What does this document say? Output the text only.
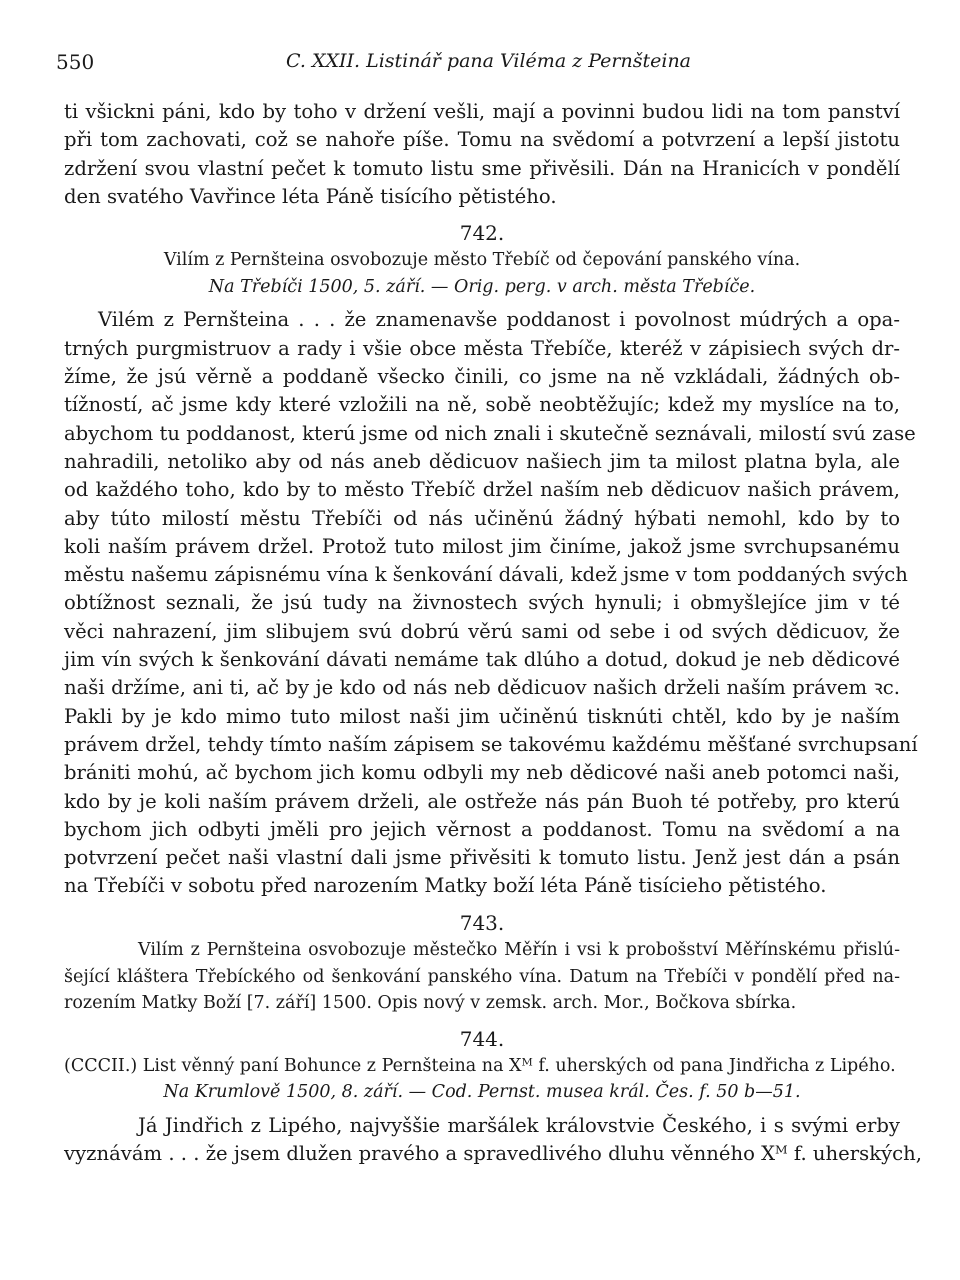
550	C. XXII. Listinář pana Viléma z Pernšteina
ti všickni páni, kdo by toho v držení vešli, mají a povinni budou lidi na tom panství
při tom zachovati, což se nahoře píše. Tomu na svědomí a potvrzení a lepší jistotu
zdržení svou vlastní pečet k tomuto listu sme přivěsili. Dán na Hranicích v pondělí
den svatého Vavřince léta Páně tisícího pětistého.
742.
Vilím z Pernšteina osvobozuje město Třebíč od čepování panského vína.
Na Třebíči 1500, 5. září. — Orig. perg. v arch. města Třebíče.
Vilém z Pernšteina . . . že znamenavše poddanost i povolnost múdrých a opa-
trných purgmistruov a rady i všie obce města Třebíče, kteréž v zápisiech svých dr-
žíme, že jsú věrně a poddaně všecko činili, co jsme na ně vzkládali, žádných ob-
tížností, ač jsme kdy které vzložili na ně, sobě neobtěžujíc; kdež my myslíce na to,
abychom tu poddanost, kterú jsme od nich znali i skutečně seznávali, milostí svú zase
nahradili, netoliko aby od nás aneb dědicuov našiech jim ta milost platna byla, ale
od každého toho, kdo by to město Třebíč držel naším neb dědicuov našich právem,
aby túto milostí městu Třebíči od nás učiněnú žádný hýbati nemohl, kdo by to
koli naším právem držel. Protož tuto milost jim činíme, jakož jsme svrchupsanému
městu našemu zápisnému vína k šenkování dávali, kdež jsme v tom poddaných svých
obtížnost seznali, že jsú tudy na živnostech svých hynuli; i obmyšlejíce jim v té
věci nahrazení, jim slibujem svú dobrú věrú sami od sebe i od svých dědicuov, že
jim vín svých k šenkování dávati nemáme tak dlúho a dotud, dokud je neb dědicové
naši držíme, ani ti, ač by je kdo od nás neb dědicuov našich drželi naším právem ꝛc.
Pakli by je kdo mimo tuto milost naši jim učiněnú tisknúti chtěl, kdo by je naším
právem držel, tehdy tímto naším zápisem se takovému každému měšťané svrchupsaní
brániti mohú, ač bychom jich komu odbyli my neb dědicové naši aneb potomci naši,
kdo by je koli naším právem drželi, ale ostřeže nás pán Buoh té potřeby, pro kterú
bychom jich odbyti jměli pro jejich věrnost a poddanost. Tomu na svědomí a na
potvrzení pečet naši vlastní dali jsme přivěsiti k tomuto listu. Jenž jest dán a psán
na Třebíči v sobotu před narozením Matky boží léta Páně tisícieho pětistého.
743.
Vilím z Pernšteina osvobozuje městečko Měřín i vsi k probošství Měřínskému přislú-
šející kláštera Třebíckého od šenkování panského vína. Datum na Třebíči v pondělí před na-
rozením Matky Boží [7. září] 1500. Opis nový v zemsk. arch. Mor., Bočkova sbírka.
744.
(CCCII.) List věnný paní Bohunce z Pernšteina na Xᴹ f. uherských od pana Jindřicha z Lipého.
Na Krumlově 1500, 8. září. — Cod. Pernst. musea král. Čes. f. 50 b—51.
Já Jindřich z Lipého, najvyššie maršálek královstvie Českého, i s svými erby
vyznávám . . . že jsem dlužen pravého a spravedlivého dluhu věnného Xᴹ f. uherských,
